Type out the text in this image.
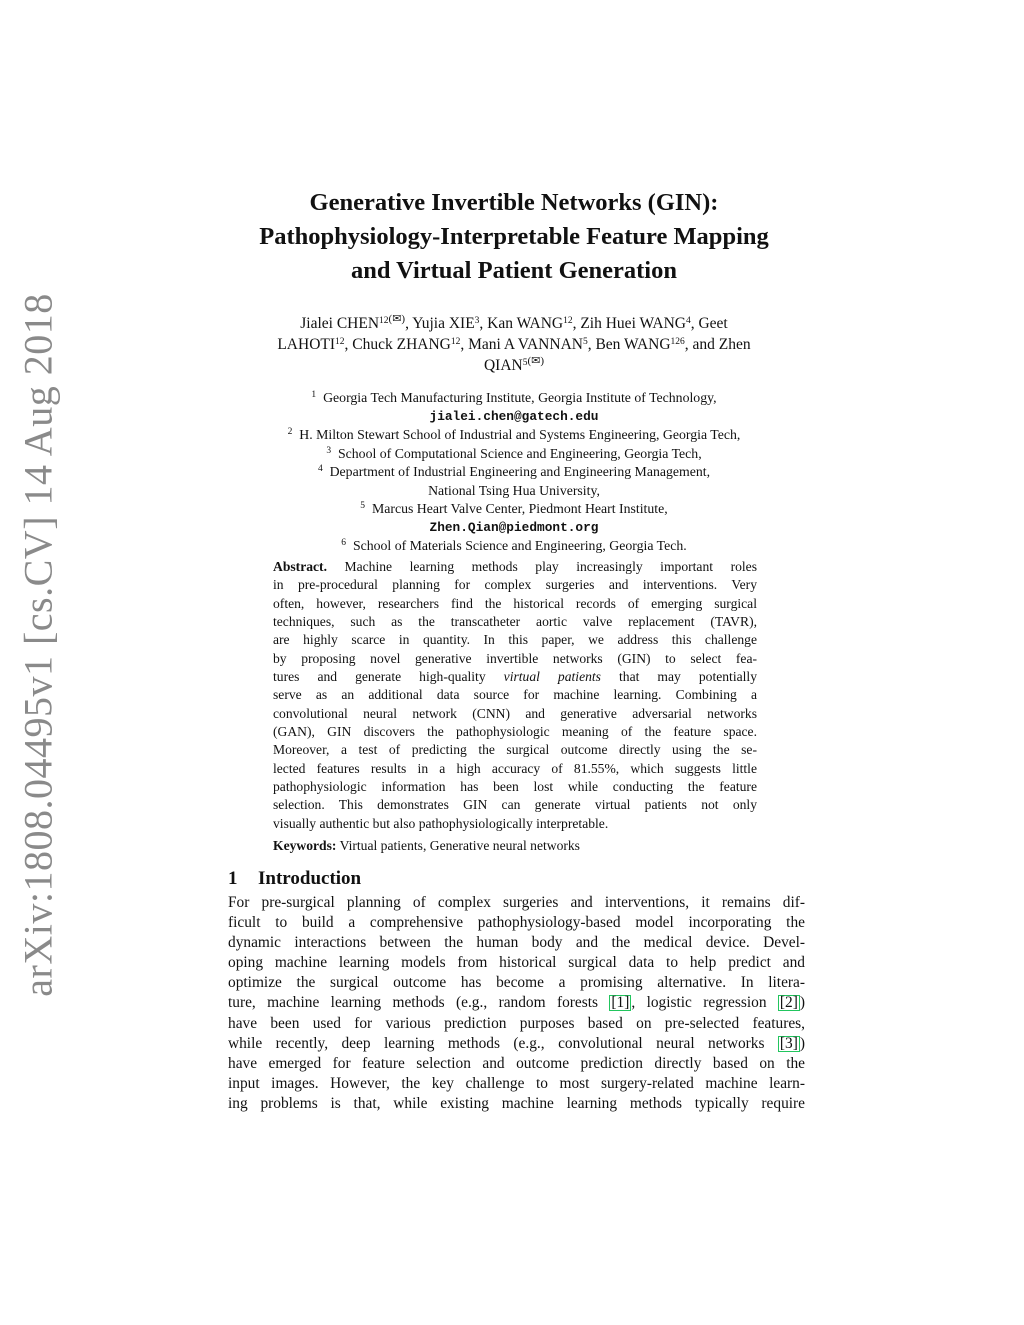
arXiv:1808.04495v1 [cs.CV] 14 Aug 2018
Generative Invertible Networks (GIN):
Pathophysiology-Interpretable Feature Mapping
and Virtual Patient Generation
Jialei $CHEN^{12(✉)}$, Yujia XIE$^3$, Kan WANG$^{12}$, Zih Huei WANG$^4$, Geet
LAHOTI$^{12}$, Chuck ZHANG$^{12}$, Mani A VANNAN$^5$, Ben WANG$^{126}$, and Zhen
$QIAN^{5(✉)}$
$^1$ Georgia Tech Manufacturing Institute, Georgia Institute of Technology,
jialei.chen@gatech.edu
$^2$ H. Milton Stewart School of Industrial and Systems Engineering, Georgia Tech,
$^3$ School of Computational Science and Engineering, Georgia Tech,
$^4$ Department of Industrial Engineering and Engineering Management,
National Tsing Hua University,
$^5$ Marcus Heart Valve Center, Piedmont Heart Institute,
Zhen.Qian@piedmont.org
$^6$ School of Materials Science and Engineering, Georgia Tech.
Abstract. Machine learning methods play increasingly important roles
in pre-procedural planning for complex surgeries and interventions. Very
often, however, researchers find the historical records of emerging surgical
techniques, such as the transcatheter aortic valve replacement (TAVR),
are highly scarce in quantity. In this paper, we address this challenge
by proposing novel generative invertible networks (GIN) to select fea-
tures and generate high-quality virtual patients that may potentially
serve as an additional data source for machine learning. Combining a
convolutional neural network (CNN) and generative adversarial networks
(GAN), GIN discovers the pathophysiologic meaning of the feature space.
Moreover, a test of predicting the surgical outcome directly using the se-
lected features results in a high accuracy of 81.55%, which suggests little
pathophysiologic information has been lost while conducting the feature
selection. This demonstrates GIN can generate virtual patients not only
visually authentic but also pathophysiologically interpretable.
Keywords: Virtual patients, Generative neural networks
1 Introduction
For pre-surgical planning of complex surgeries and interventions, it remains dif-
ficult to build a comprehensive pathophysiology-based model incorporating the
dynamic interactions between the human body and the medical device. Devel-
oping machine learning models from historical surgical data to help predict and
optimize the surgical outcome has become a promising alternative. In litera-
ture, machine learning methods (e.g., random forests [1] , logistic regression [2] )
have been used for various prediction purposes based on pre-selected features,
while recently, deep learning methods (e.g., convolutional neural networks [3] )
have emerged for feature selection and outcome prediction directly based on the
input images. However, the key challenge to most surgery-related machine learn-
ing problems is that, while existing machine learning methods typically require
